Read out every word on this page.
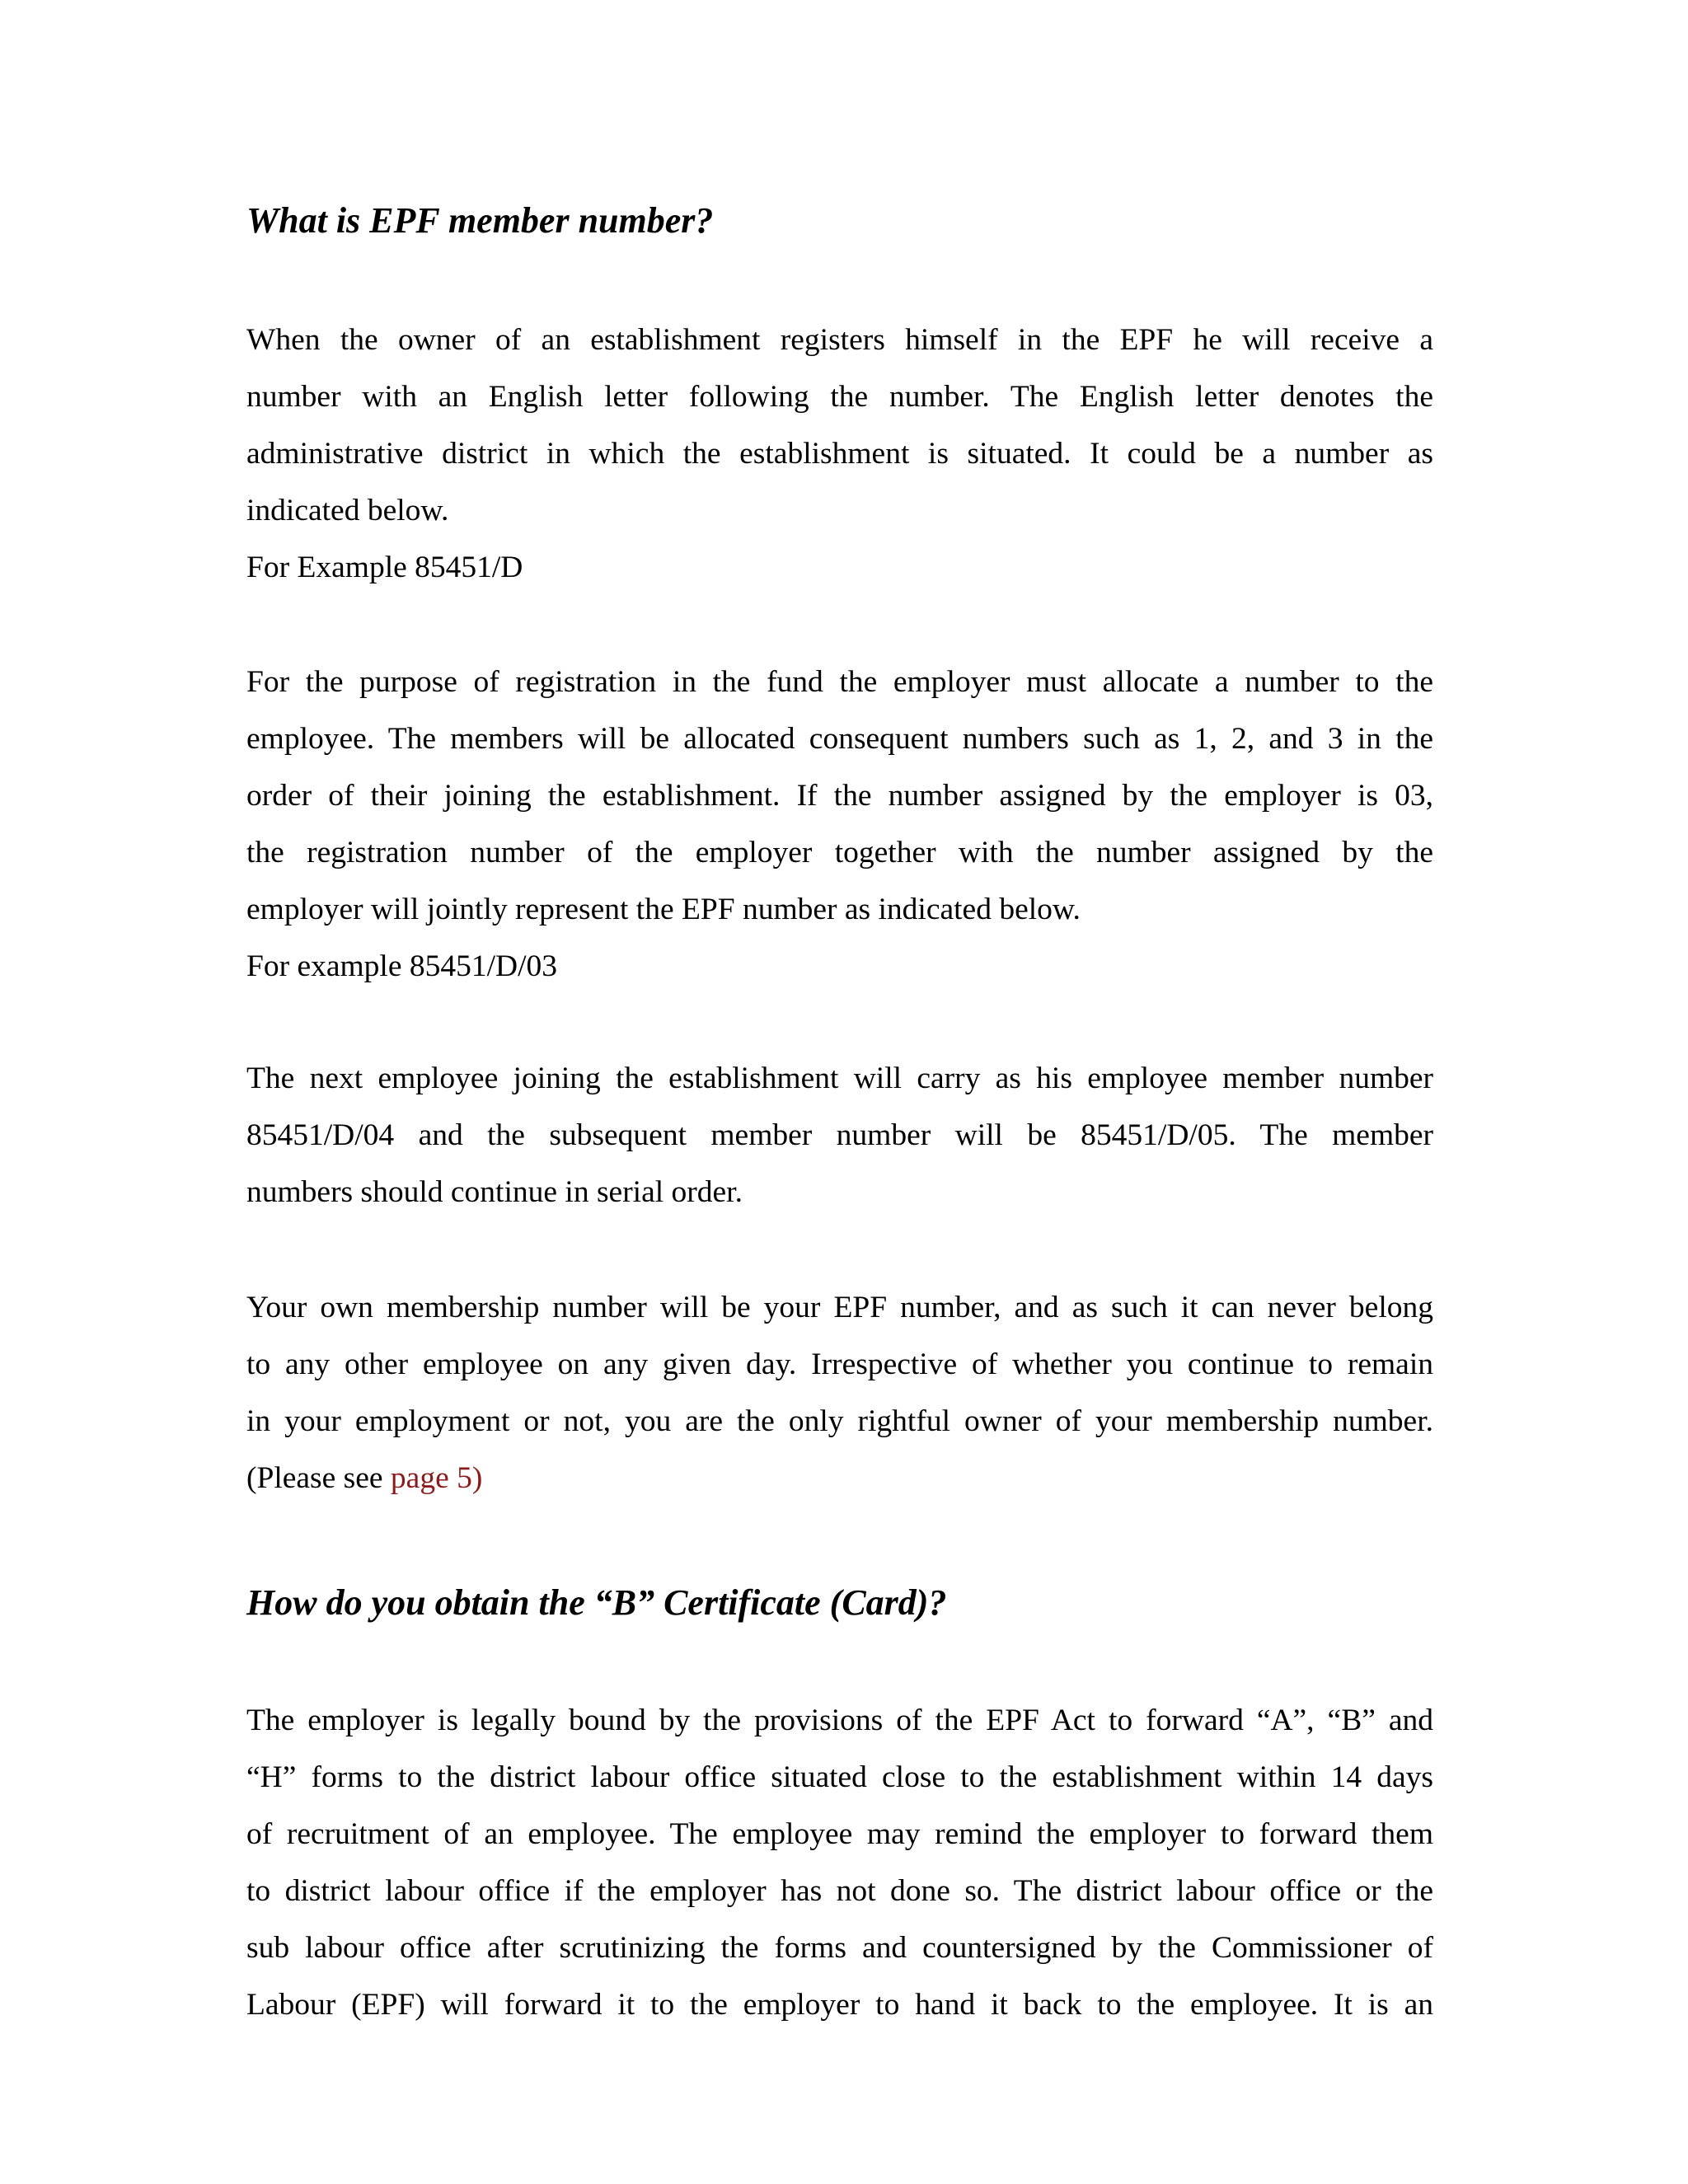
What is EPF member number?

When the owner of an establishment registers himself in the EPF he will receive a
number with an English letter following the number. The English letter denotes the
administrative district in which the establishment is situated. It could be a number as
indicated below.
For Example 85451/D

For the purpose of registration in the fund the employer must allocate a number to the
employee. The members will be allocated consequent numbers such as 1, 2, and 3 in the
order of their joining the establishment. If the number assigned by the employer is 03,
the registration number of the employer together with the number assigned by the
employer will jointly represent the EPF number as indicated below.
For example 85451/D/03

The next employee joining the establishment will carry as his employee member number
85451/D/04 and the subsequent member number will be 85451/D/05. The member
numbers should continue in serial order.

Your own membership number will be your EPF number, and as such it can never belong
to any other employee on any given day. Irrespective of whether you continue to remain
in your employment or not, you are the only rightful owner of your membership number.
(Please see page 5)

How do you obtain the “B” Certificate (Card)?

The employer is legally bound by the provisions of the EPF Act to forward “A”, “B” and
“H” forms to the district labour office situated close to the establishment within 14 days
of recruitment of an employee. The employee may remind the employer to forward them
to district labour office if the employer has not done so. The district labour office or the
sub labour office after scrutinizing the forms and countersigned by the Commissioner of
Labour (EPF) will forward it to the employer to hand it back to the employee. It is an
